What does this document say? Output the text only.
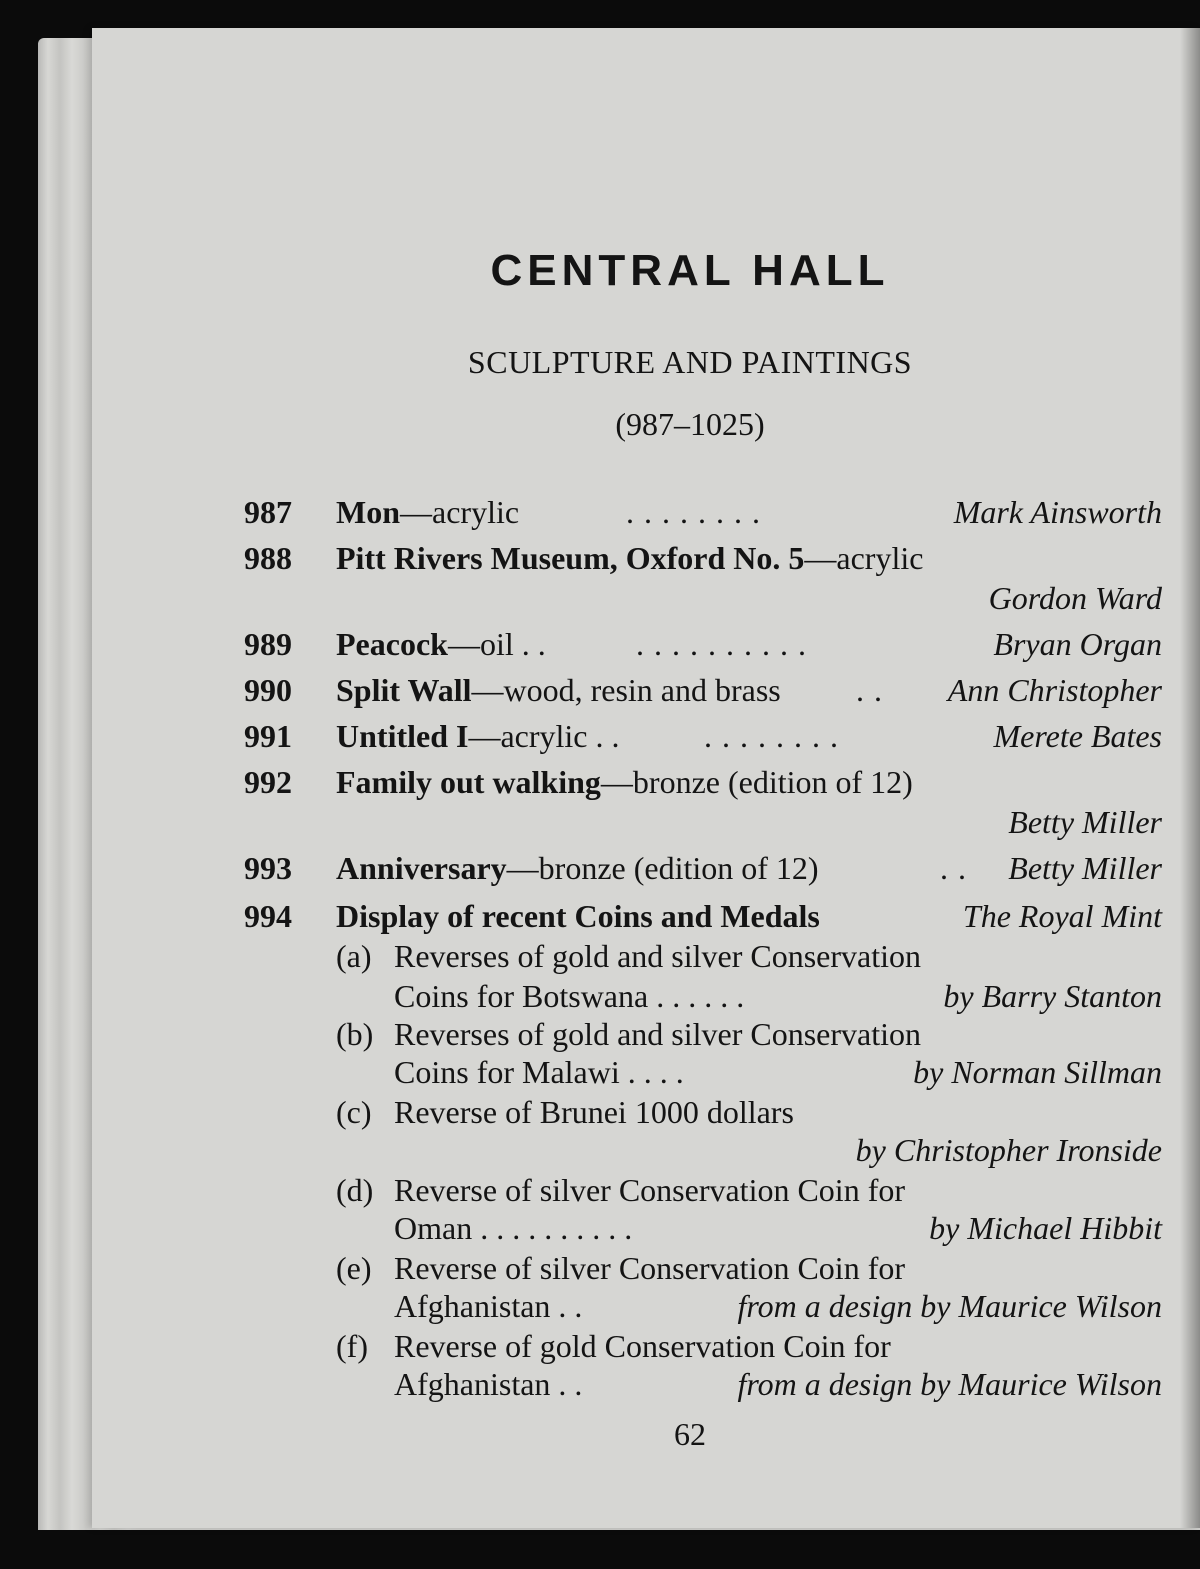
CENTRAL HALL
SCULPTURE AND PAINTINGS
(987–1025)
987 Mon—acrylic	. . . . . . . .	Mark Ainsworth
988 Pitt Rivers Museum, Oxford No. 5—acrylic
Gordon Ward
989 Peacock—oil . .	. . . . . . . . . .	Bryan Organ
990 Split Wall—wood, resin and brass . . Ann Christopher
991 Untitled I—acrylic . .	. . . . . . . .	Merete Bates
992 Family out walking—bronze (edition of 12)
Betty Miller
993 Anniversary—bronze (edition of 12)	. . Betty Miller
994 Display of recent Coins and Medals	The Royal Mint
(a) Reverses of gold and silver Conservation
Coins for Botswana . . . . . .	by Barry Stanton
(b) Reverses of gold and silver Conservation
Coins for Malawi . . . .	by Norman Sillman
(c) Reverse of Brunei 1000 dollars
by Christopher Ironside
(d) Reverse of silver Conservation Coin for
Oman . . . . . . . . . .	by Michael Hibbit
(e) Reverse of silver Conservation Coin for
Afghanistan . .	from a design by Maurice Wilson
(f) Reverse of gold Conservation Coin for
Afghanistan . .	from a design by Maurice Wilson
62
